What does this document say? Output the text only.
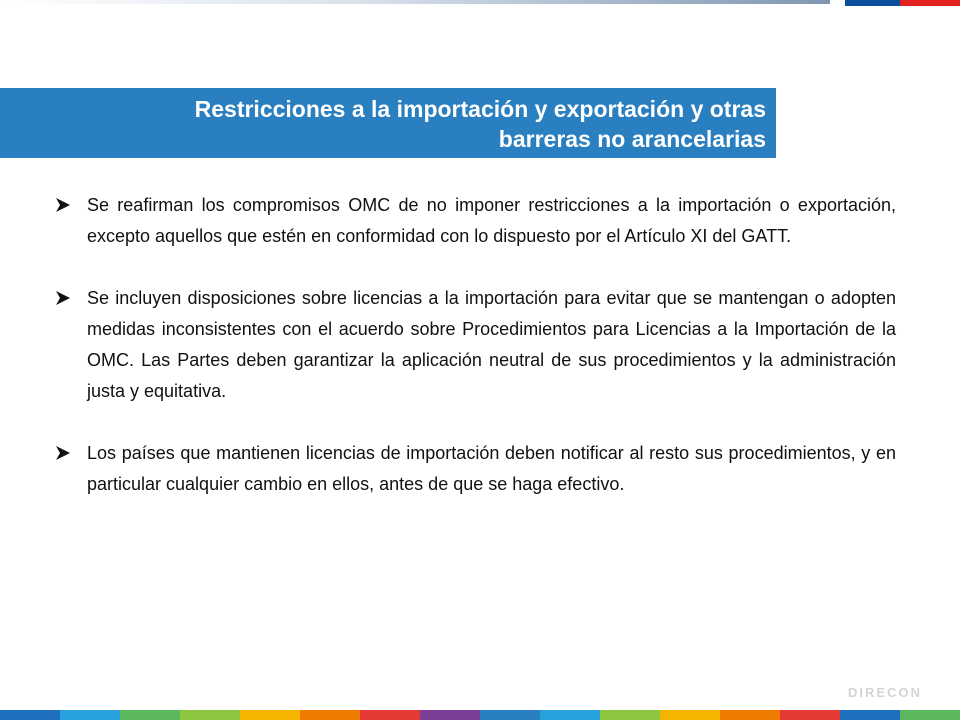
Restricciones a la importación y exportación y otras
barreras no arancelarias
Se reafirman los compromisos OMC de no imponer restricciones a la importación o exportación, excepto aquellos que estén en conformidad con lo dispuesto por el Artículo XI del GATT.
Se incluyen disposiciones sobre licencias a la importación para evitar que se mantengan o adopten medidas inconsistentes con el acuerdo sobre Procedimientos para Licencias a la Importación de la OMC. Las Partes deben garantizar la aplicación neutral de sus procedimientos y la administración justa y equitativa.
Los países que mantienen licencias de importación deben notificar al resto sus procedimientos, y en particular cualquier cambio en ellos, antes de que se haga efectivo.
DIRECON
